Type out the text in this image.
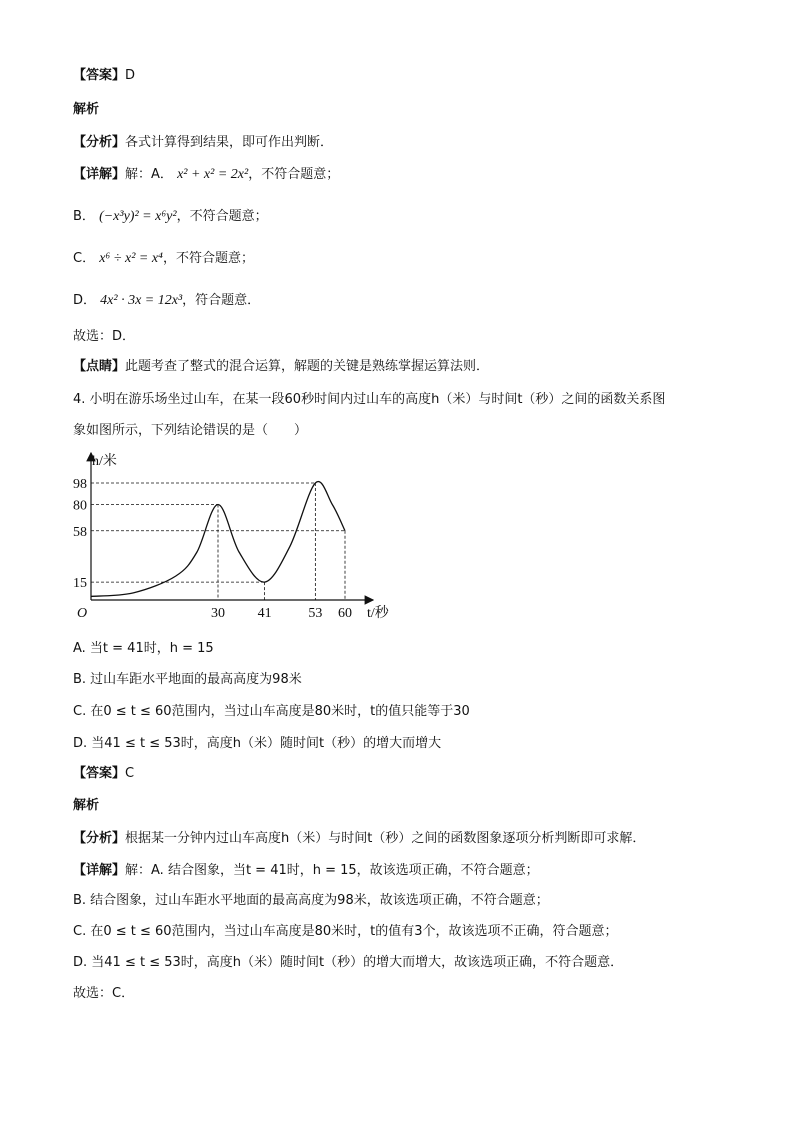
【答案】D
解析
【分析】各式计算得到结果，即可作出判断．
【详解】解：A． x² + x² = 2x²，不符合题意；
B． (−x³y)² = x⁶y²，不符合题意；
C． x⁶ ÷ x² = x⁴，不符合题意；
D． 4x² · 3x = 12x³，符合题意．
故选：D．
【点睛】此题考查了整式的混合运算，解题的关键是熟练掌握运算法则．
4. 小明在游乐场坐过山车，在某一段60秒时间内过山车的高度h（米）与时间t（秒）之间的函数关系图
象如图所示，下列结论错误的是（　　）
30 41	53 60
15
58
80
98
h/米
t/秒
O
A. 当t = 41时，h = 15
B. 过山车距水平地面的最高高度为98米
C. 在0 ≤ t ≤ 60范围内，当过山车高度是80米时，t的值只能等于30
D. 当41 ≤ t ≤ 53时，高度h（米）随时间t（秒）的增大而增大
【答案】C
解析
【分析】根据某一分钟内过山车高度h（米）与时间t（秒）之间的函数图象逐项分析判断即可求解．
【详解】解：A. 结合图象，当t = 41时，h = 15，故该选项正确，不符合题意；
B. 结合图象，过山车距水平地面的最高高度为98米，故该选项正确，不符合题意；
C. 在0 ≤ t ≤ 60范围内，当过山车高度是80米时，t的值有3个，故该选项不正确，符合题意；
D. 当41 ≤ t ≤ 53时，高度h（米）随时间t（秒）的增大而增大，故该选项正确，不符合题意．
故选：C．
